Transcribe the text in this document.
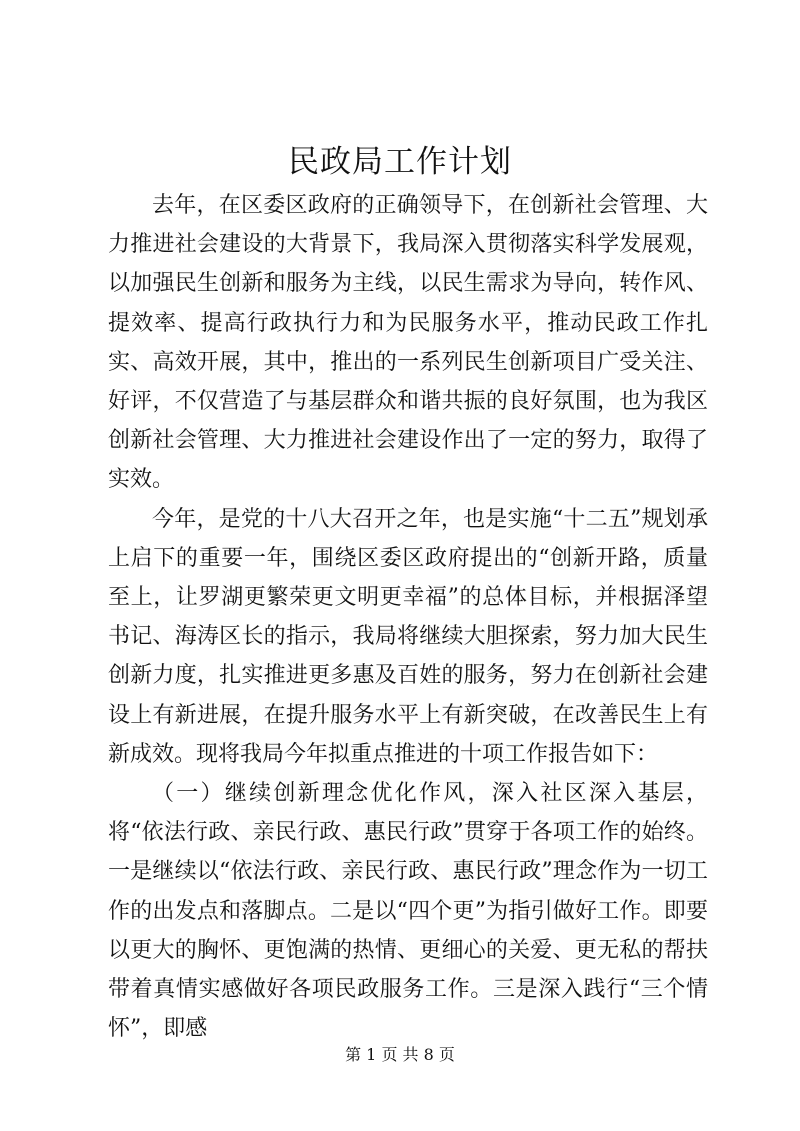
民政局工作计划

去年，在区委区政府的正确领导下，在创新社会管理、大力推进社会建设的大背景下，我局深入贯彻落实科学发展观，以加强民生创新和服务为主线，以民生需求为导向，转作风、提效率、提高行政执行力和为民服务水平，推动民政工作扎实、高效开展，其中，推出的一系列民生创新项目广受关注、好评，不仅营造了与基层群众和谐共振的良好氛围，也为我区创新社会管理、大力推进社会建设作出了一定的努力，取得了实效。

今年，是党的十八大召开之年，也是实施“十二五”规划承上启下的重要一年，围绕区委区政府提出的“创新开路，质量至上，让罗湖更繁荣更文明更幸福”的总体目标，并根据泽望书记、海涛区长的指示，我局将继续大胆探索，努力加大民生创新力度，扎实推进更多惠及百姓的服务，努力在创新社会建设上有新进展，在提升服务水平上有新突破，在改善民生上有新成效。现将我局今年拟重点推进的十项工作报告如下：

（一）继续创新理念优化作风，深入社区深入基层，将“依法行政、亲民行政、惠民行政”贯穿于各项工作的始终。一是继续以“依法行政、亲民行政、惠民行政”理念作为一切工作的出发点和落脚点。二是以“四个更”为指引做好工作。即要以更大的胸怀、更饱满的热情、更细心的关爱、更无私的帮扶带着真情实感做好各项民政服务工作。三是深入践行“三个情怀”，即感

第 1 页 共 8 页
